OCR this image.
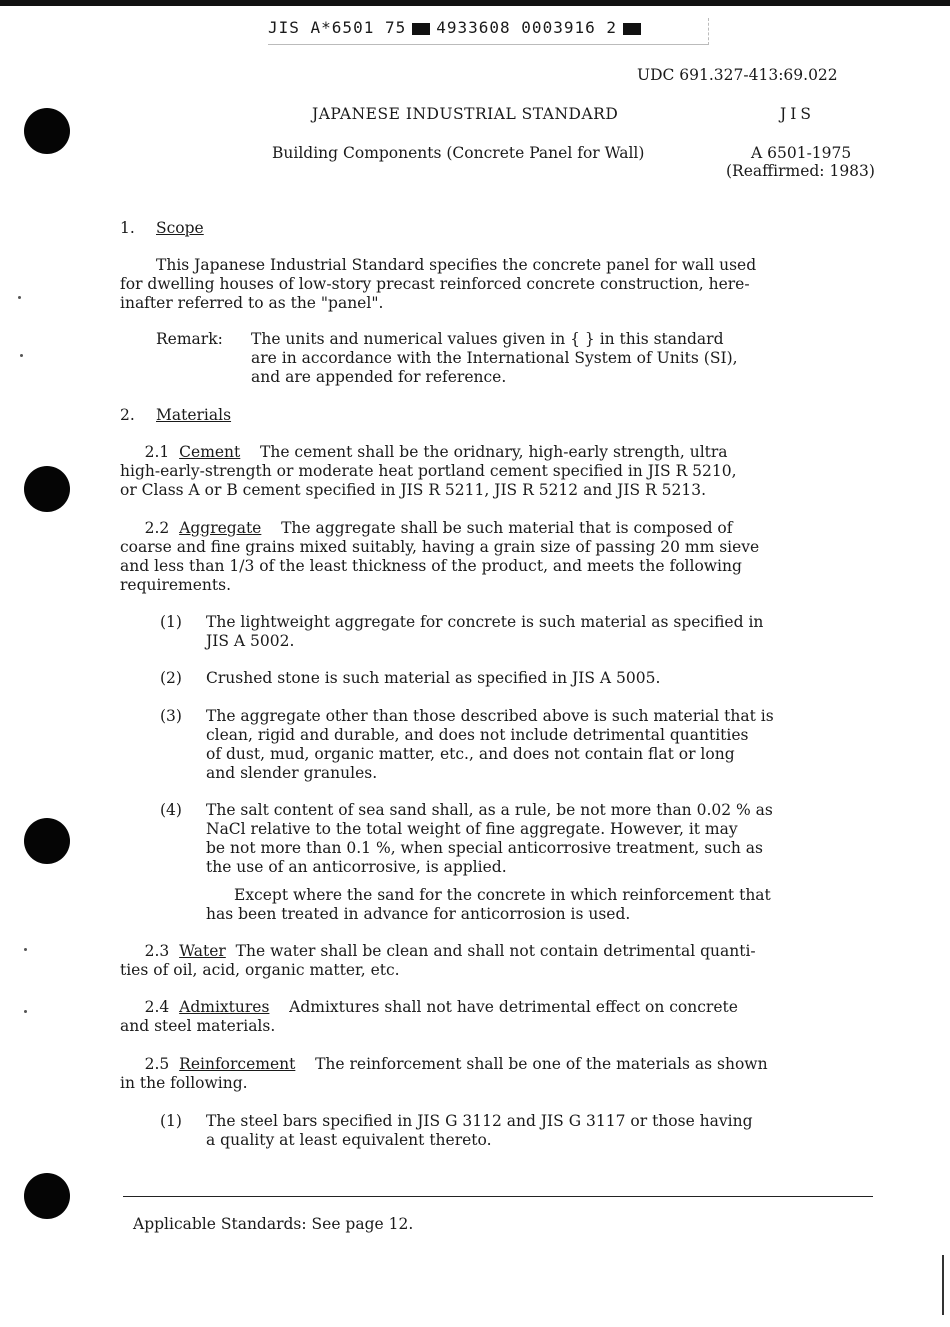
JIS A*6501 75 4933608 0003916 2
UDC 691.327-413:69.022
JAPANESE INDUSTRIAL STANDARD	JIS
Building Components (Concrete Panel for Wall)	A 6501-1975
(Reaffirmed: 1983)
1. Scope
This Japanese Industrial Standard specifies the concrete panel for wall used
for dwelling houses of low-story precast reinforced concrete construction, here-
inafter referred to as the "panel".
Remark: The units and numerical values given in { } in this standard
are in accordance with the International System of Units (SI),
and are appended for reference.
2. Materials
2.1 Cement The cement shall be the oridnary, high-early strength, ultra
high-early-strength or moderate heat portland cement specified in JIS R 5210,
or Class A or B cement specified in JIS R 5211, JIS R 5212 and JIS R 5213.
2.2 Aggregate The aggregate shall be such material that is composed of
coarse and fine grains mixed suitably, having a grain size of passing 20 mm sieve
and less than 1/3 of the least thickness of the product, and meets the following
requirements.
(1) The lightweight aggregate for concrete is such material as specified in
JIS A 5002.
(2) Crushed stone is such material as specified in JIS A 5005.
(3) The aggregate other than those described above is such material that is
clean, rigid and durable, and does not include detrimental quantities
of dust, mud, organic matter, etc., and does not contain flat or long
and slender granules.
(4) The salt content of sea sand shall, as a rule, be not more than 0.02 % as
NaCl relative to the total weight of fine aggregate. However, it may
be not more than 0.1 %, when special anticorrosive treatment, such as
the use of an anticorrosive, is applied.
Except where the sand for the concrete in which reinforcement that
has been treated in advance for anticorrosion is used.
2.3 Water The water shall be clean and shall not contain detrimental quanti-
ties of oil, acid, organic matter, etc.
2.4 Admixtures Admixtures shall not have detrimental effect on concrete
and steel materials.
2.5 Reinforcement The reinforcement shall be one of the materials as shown
in the following.
(1) The steel bars specified in JIS G 3112 and JIS G 3117 or those having
a quality at least equivalent thereto.
Applicable Standards: See page 12.
